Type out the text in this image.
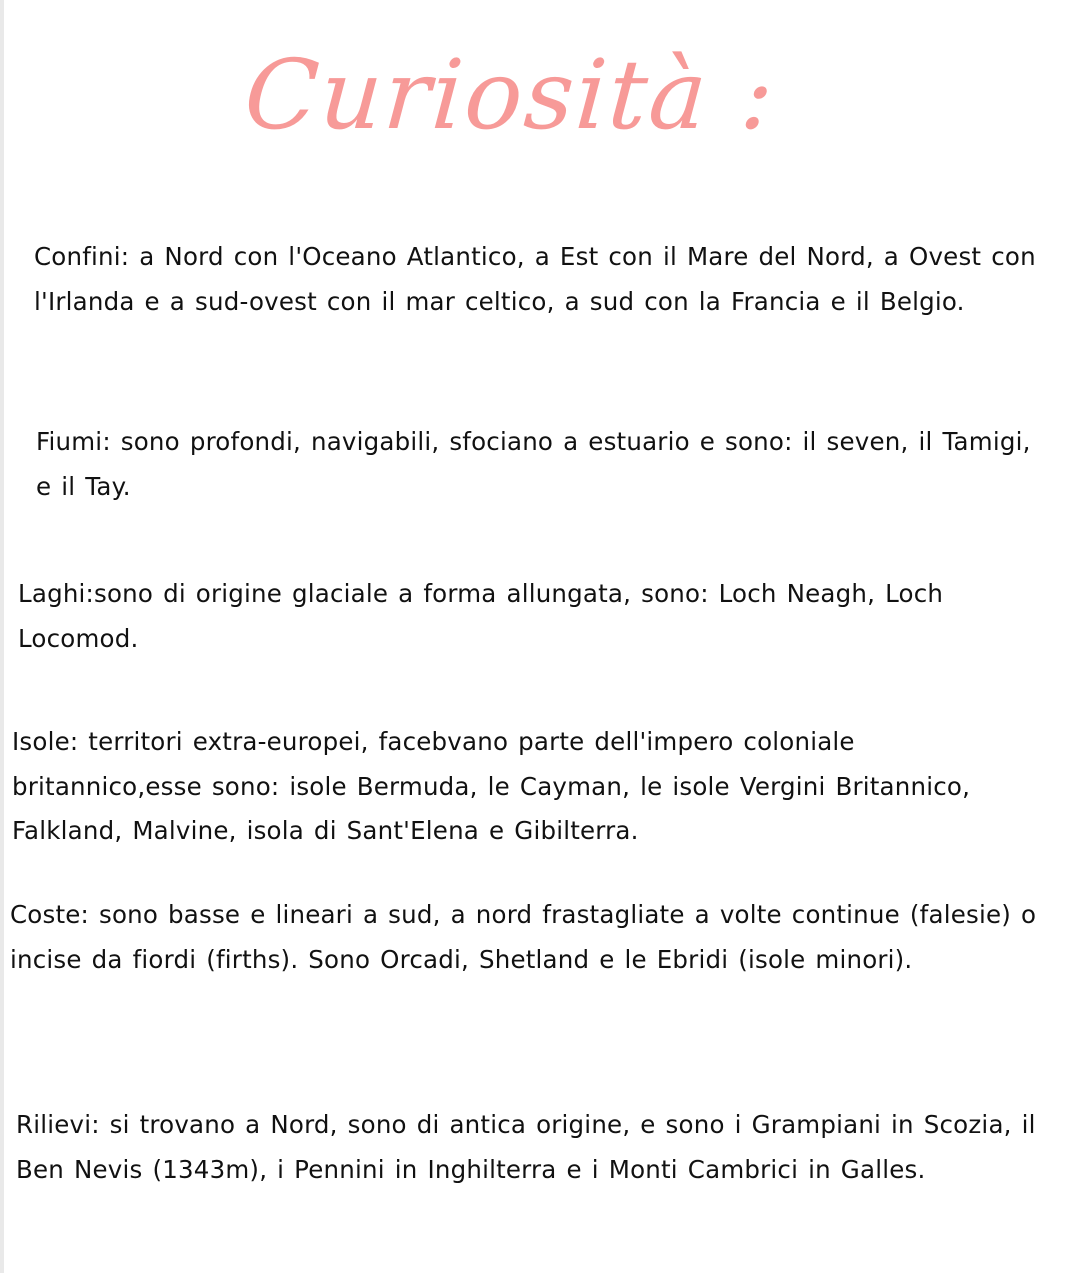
Curiosità :

Confini: a Nord con l'Oceano Atlantico, a Est con il Mare del Nord, a Ovest con l'Irlanda e a sud-ovest con il mar celtico, a sud con la Francia e il Belgio.

Fiumi: sono profondi, navigabili, sfociano a estuario e sono: il seven, il Tamigi, e il Tay.

Laghi:sono di origine glaciale a forma allungata, sono: Loch Neagh, Loch Locomod.

Isole: territori extra-europei, facebvano parte dell'impero coloniale britannico,esse sono: isole Bermuda, le Cayman, le isole Vergini Britannico, Falkland, Malvine, isola di Sant'Elena e Gibilterra.

Coste: sono basse e lineari a sud, a nord frastagliate a volte continue (falesie) o incise da fiordi (firths). Sono Orcadi, Shetland e le Ebridi (isole minori).

Rilievi: si trovano a Nord, sono di antica origine, e sono i Grampiani in Scozia, il Ben Nevis (1343m), i Pennini in Inghilterra e i Monti Cambrici in Galles.
